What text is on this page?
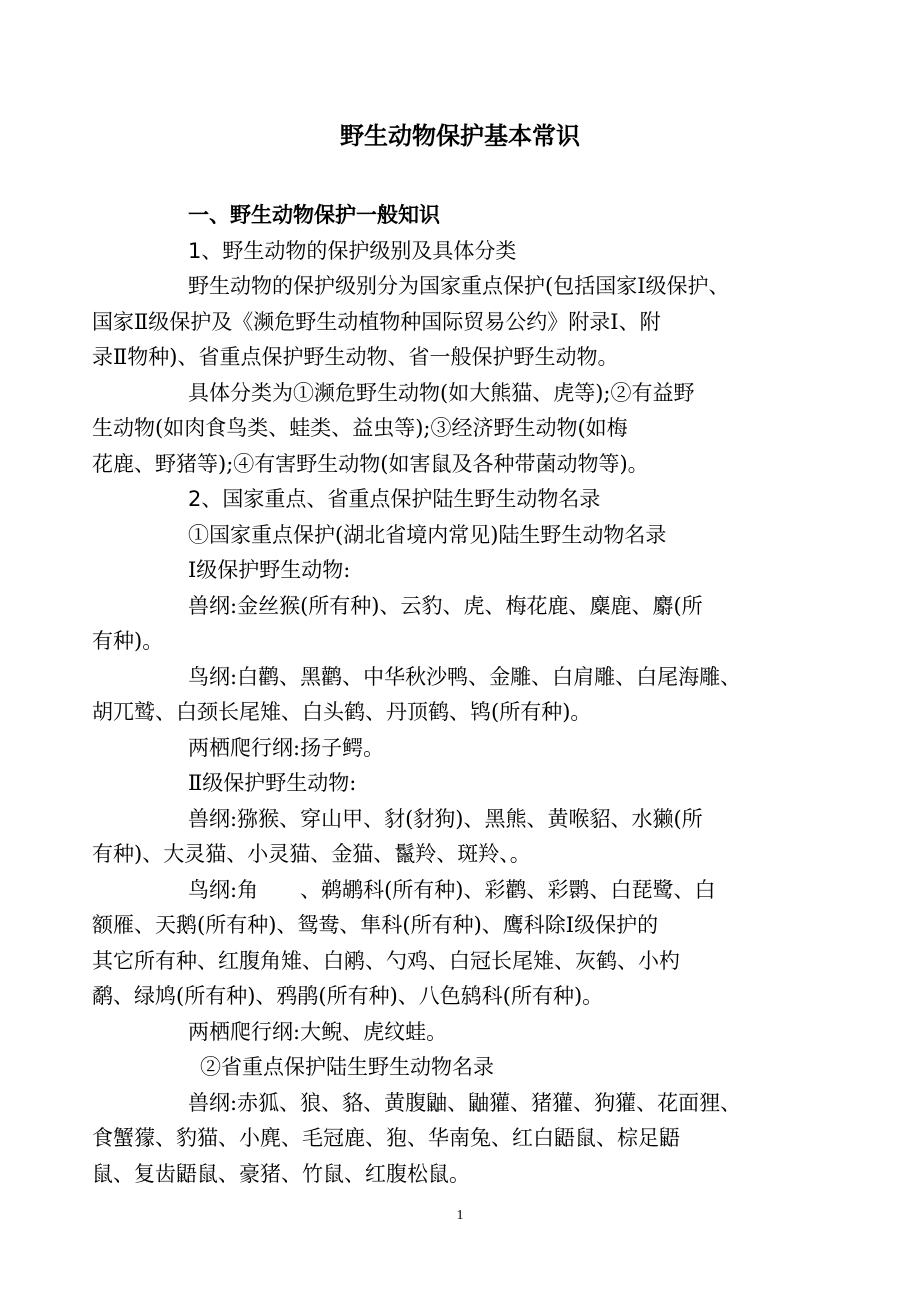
野生动物保护基本常识

一、野生动物保护一般知识

1、野生动物的保护级别及具体分类

野生动物的保护级别分为国家重点保护(包括国家Ⅰ级保护、
国家Ⅱ级保护及《濒危野生动植物种国际贸易公约》附录Ⅰ、附
录Ⅱ物种)、省重点保护野生动物、省一般保护野生动物。

具体分类为①濒危野生动物(如大熊猫、虎等);②有益野
生动物(如肉食鸟类、蛙类、益虫等);③经济野生动物(如梅
花鹿、野猪等);④有害野生动物(如害鼠及各种带菌动物等)。

2、国家重点、省重点保护陆生野生动物名录

①国家重点保护(湖北省境内常见)陆生野生动物名录

Ⅰ级保护野生动物:

兽纲:金丝猴(所有种)、云豹、虎、梅花鹿、麋鹿、麝(所
有种)。

鸟纲:白鹳、黑鹳、中华秋沙鸭、金雕、白肩雕、白尾海雕、
胡兀鹫、白颈长尾雉、白头鹤、丹顶鹤、鸨(所有种)。

两栖爬行纲:扬子鳄。

Ⅱ级保护野生动物:

兽纲:猕猴、穿山甲、豺(豺狗)、黑熊、黄喉貂、水獭(所
有种)、大灵猫、小灵猫、金猫、鬣羚、斑羚、。

鸟纲:角　　、鹈鹕科(所有种)、彩鹳、彩鹮、白琵鹭、白
额雁、天鹅(所有种)、鸳鸯、隼科(所有种)、鹰科除Ⅰ级保护的
其它所有种、红腹角雉、白鹇、勺鸡、白冠长尾雉、灰鹤、小杓
鹬、绿鸠(所有种)、鸦鹃(所有种)、八色鸫科(所有种)。

两栖爬行纲:大鲵、虎纹蛙。

②省重点保护陆生野生动物名录

兽纲:赤狐、狼、貉、黄腹鼬、鼬獾、猪獾、狗獾、花面狸、
食蟹獴、豹猫、小麂、毛冠鹿、狍、华南兔、红白鼯鼠、棕足鼯
鼠、复齿鼯鼠、豪猪、竹鼠、红腹松鼠。

1
